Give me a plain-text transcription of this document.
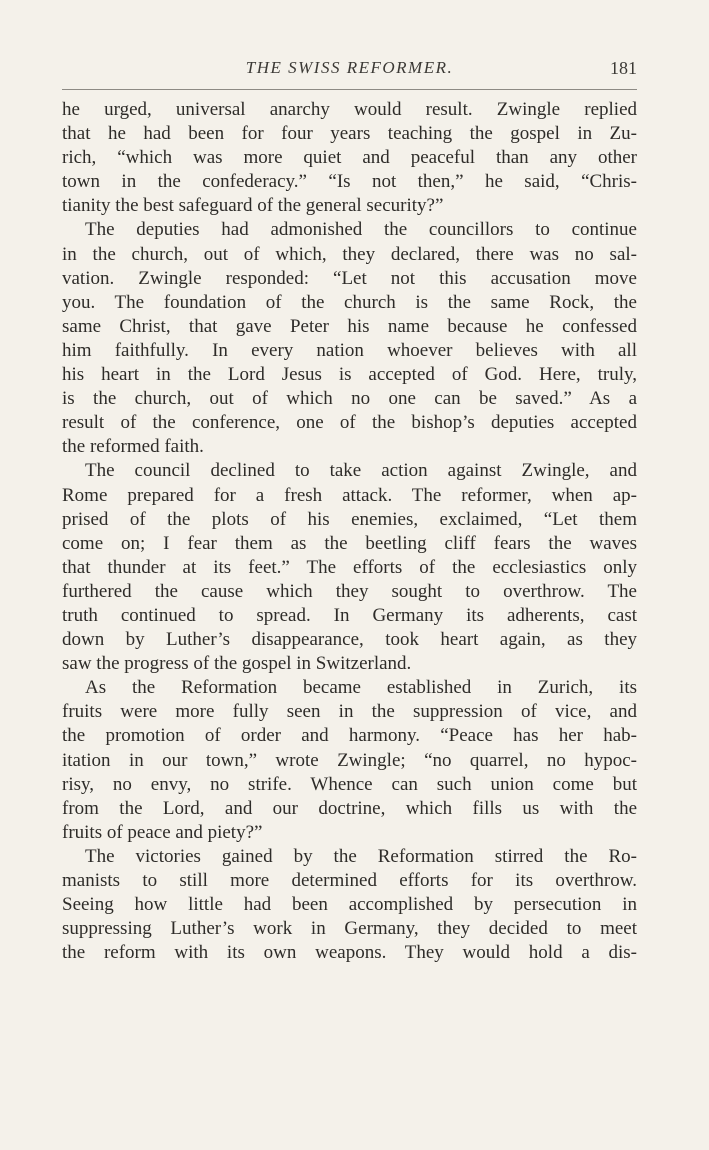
THE SWISS REFORMER.	181
he urged, universal anarchy would result. Zwingle replied
that he had been for four years teaching the gospel in Zu-
rich, “which was more quiet and peaceful than any other
town in the confederacy.” “Is not then,” he said, “Chris-
tianity the best safeguard of the general security?”
The deputies had admonished the councillors to continue
in the church, out of which, they declared, there was no sal-
vation. Zwingle responded: “Let not this accusation move
you. The foundation of the church is the same Rock, the
same Christ, that gave Peter his name because he confessed
him faithfully. In every nation whoever believes with all
his heart in the Lord Jesus is accepted of God. Here, truly,
is the church, out of which no one can be saved.” As a
result of the conference, one of the bishop’s deputies accepted
the reformed faith.
The council declined to take action against Zwingle, and
Rome prepared for a fresh attack. The reformer, when ap-
prised of the plots of his enemies, exclaimed, “Let them
come on; I fear them as the beetling cliff fears the waves
that thunder at its feet.” The efforts of the ecclesiastics only
furthered the cause which they sought to overthrow. The
truth continued to spread. In Germany its adherents, cast
down by Luther’s disappearance, took heart again, as they
saw the progress of the gospel in Switzerland.
As the Reformation became established in Zurich, its
fruits were more fully seen in the suppression of vice, and
the promotion of order and harmony. “Peace has her hab-
itation in our town,” wrote Zwingle; “no quarrel, no hypoc-
risy, no envy, no strife. Whence can such union come but
from the Lord, and our doctrine, which fills us with the
fruits of peace and piety?”
The victories gained by the Reformation stirred the Ro-
manists to still more determined efforts for its overthrow.
Seeing how little had been accomplished by persecution in
suppressing Luther’s work in Germany, they decided to meet
the reform with its own weapons. They would hold a dis-
